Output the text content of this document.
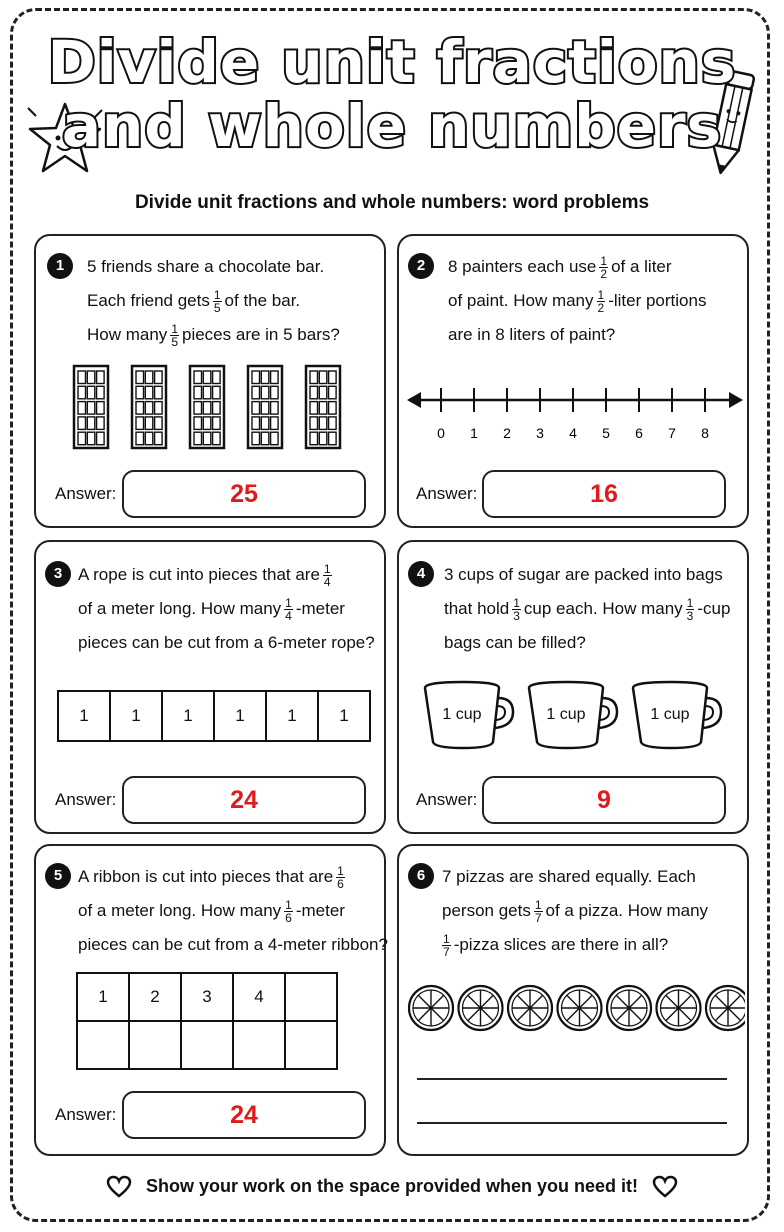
Divide unit fractions
and whole numbers
Divide unit fractions and whole numbers: word problems
1	5 friends share a chocolate bar.
Each friend gets $\frac{1}{5}$ of the bar.
How many $\frac{1}{5}$ pieces are in 5 bars?
Answer:	25
2	8 painters each use $\frac{1}{2}$ of a liter
of paint. How many $\frac{1}{2}$ -liter portions
are in 8 liters of paint?
0 1 2 3 4 5 6 7 8
Answer:	16
3 A rope is cut into pieces that are $\frac{1}{4}$
of a meter long. How many $\frac{1}{4}$ -meter
pieces can be cut from a 6-meter rope?
1	1	1	1	1	1
Answer:	24
4	3 cups of sugar are packed into bags
that hold $\frac{1}{3}$ cup each. How many $\frac{1}{3} -cup$
bags can be filled?
1 cup	1 cup	1 cup
Answer:	9
5 A ribbon is cut into pieces that are $\frac{1}{6}$
of a meter long. How many $\frac{1}{6}$ -meter
pieces can be cut from a 4-meter ribbon?
1	2	3	4
Answer:	24
6 7 pizzas are shared equally. Each
person gets $\frac{1}{7}$ of a pizza. How many
$\frac{1}{7}$ -pizza slices are there in all?
Show your work on the space provided when you need it!
